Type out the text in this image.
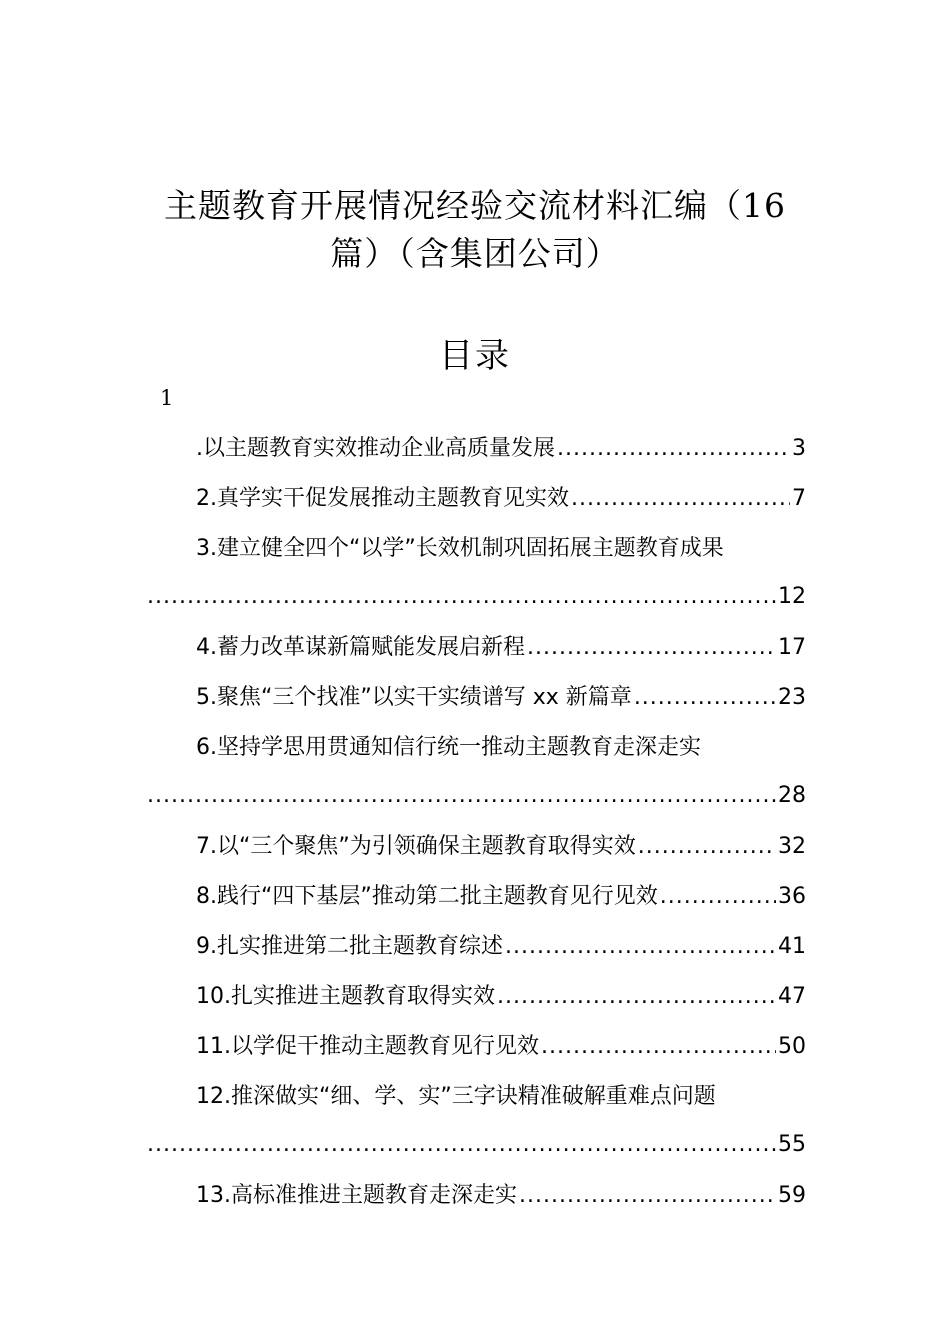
主题教育开展情况经验交流材料汇编（16
篇）（含集团公司）
目录
1
.以主题教育实效推动企业高质量发展 .....	3
2.真学实干促发展推动主题教育见实效 .....	7
3.建立健全四个“以学”长效机制巩固拓展主题教育成果
.....
12
4.蓄力改革谋新篇赋能发展启新程 .....	17
5.聚焦“三个找准”以实干实绩谱写 xx 新篇章 .....	23
6.坚持学思用贯通知信行统一推动主题教育走深走实
.....
28
7.以“三个聚焦”为引领确保主题教育取得实效 .....	32
8.践行“四下基层”推动第二批主题教育见行见效 .....	36
9.扎实推进第二批主题教育综述 .....	41
10.扎实推进主题教育取得实效 .....	47
11.以学促干推动主题教育见行见效 .....	50
12.推深做实“细、学、实”三字诀精准破解重难点问题
.....
55
13.高标准推进主题教育走深走实 .....	59
